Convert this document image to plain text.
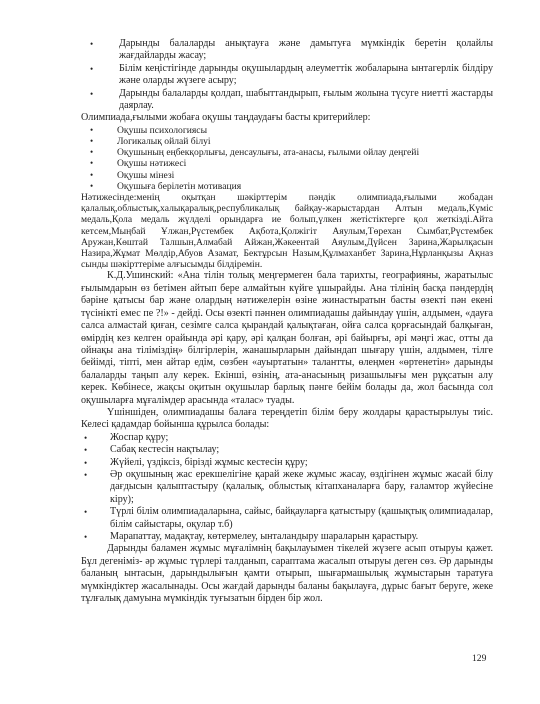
• Дарынды балаларды анықтауға және дамытуға мүмкіндік беретін қолайлы жағдайларды жасау;
• Білім кеңістігінде дарынды оқушылардың әлеуметтік жобаларына ынтагерлік білдіру және оларды жүзеге асыру;
• Дарынды балаларды қолдап, шабыттандырып, ғылым жолына түсуге ниетті жастарды даярлау.

Олимпиада,ғылыми жобаға оқушы таңдаудағы басты критерийлер:

• Оқушы психологиясы
• Логикалық ойлай білуі
• Оқушының еңбекқорлығы, денсаулығы, ата-анасы, ғылыми ойлау деңгейі
• Оқушы нәтижесі
• Оқушы мінезі
• Оқушыға берілетін мотивация

Нәтижесінде:менің оқытқан шәкірттерім пәндік олимпиада,ғылыми жобадан қалалық,облыстық,халықаралық,республикалық байқау-жарыстардан Алтын медаль,Күміс медаль,Қола медаль жүлделі орындарға ие болып,үлкен жетістіктерге қол жеткізді.Айта кетсем,Мыңбай Ұлжан,Рүстембек Ақбота,Қолжігіт Аяулым,Төрехан Сымбат,Рүстембек Аружан,Көштай Талшын,Алмабай Айжан,Жәкеентай Аяулым,Дүйсен Зарина,Жарылқасын Назира,Жұмат Мөлдір,Абуов Азамат, Бектұрсын Назым,Құлмаханбет Зарина,Нұрланқызы Ақназ сынды шәкірттеріме алғысымды білдіремін.

К.Д.Ушинский: «Ана тілін толық меңгермеген бала тарихты, географияны, жаратылыс ғылымдарын өз бетімен айтып бере алмайтын күйге ұшырайды. Ана тілінің басқа пәндердің бәріне қатысы бар және олардың нәтижелерін өзіне жинастыратын басты өзекті пән екені түсінікті емес пе ?!» - дейді. Осы өзекті пәннен олимпиадашы дайындау үшін, алдымен, «дауға салса алмастай қиған, сезімге салса қырандай қалықтаған, ойға салса қорғасындай балқыған, өмірдің кез келген орайында әрі қару, әрі қалқан болған, әрі байырғы, әрі мәңгі жас, отты да ойнақы ана тіліміздің» білгірлерін, жанашырларын дайындап шығару үшін, алдымен, тілге бейімді, тіпті, мен айтар едім, сөзбен «ауыртатын» талантты, өлеңмен «өртенетін» дарынды балаларды таңып алу керек. Екінші, өзінің, ата-анасының ризашылығы мен рұқсатын алу керек. Көбінесе, жақсы оқитын оқушылар барлық пәнге бейім болады да, жол басында сол оқушыларға мұғалімдер арасында «талас» туады.

Үшіншіден, олимпиадашы балаға тереңдетіп білім беру жолдары қарастырылуы тиіс. Келесі қадамдар бойынша құрылса болады:

• Жоспар құру;
• Сабақ кестесін нақтылау;
• Жүйелі, үздіксіз, бірізді жұмыс кестесін құру;
• Әр оқушының жас ерекшелігіне қарай жеке жұмыс жасау, өздігінен жұмыс жасай білу дағдысын қалыптастыру (қалалық, облыстық кітапханаларға бару, ғаламтор жүйесіне кіру);
• Түрлі білім олимпиадаларына, сайыс, байқауларға қатыстыру (қашықтық олимпиадалар, білім сайыстары, оқулар т.б)
• Марапаттау, мадақтау, көтермелеу, ынталандыру шараларын қарастыру.

Дарынды баламен жұмыс мұғалімнің бақылауымен тікелей жүзеге асып отыруы қажет. Бұл дегеніміз- әр жұмыс түрлері талданып, сараптама жасалып отыруы деген сөз. Әр дарынды баланың ынтасын, дарындылығын қамти отырып, шығармашылық жұмыстарын таратуға мүмкіндіктер жасалынады. Осы жағдай дарынды баланы бақылауға, дұрыс бағыт беруге, жеке тұлғалық дамуына мүмкіндік туғызатын бірден бір жол.

129
